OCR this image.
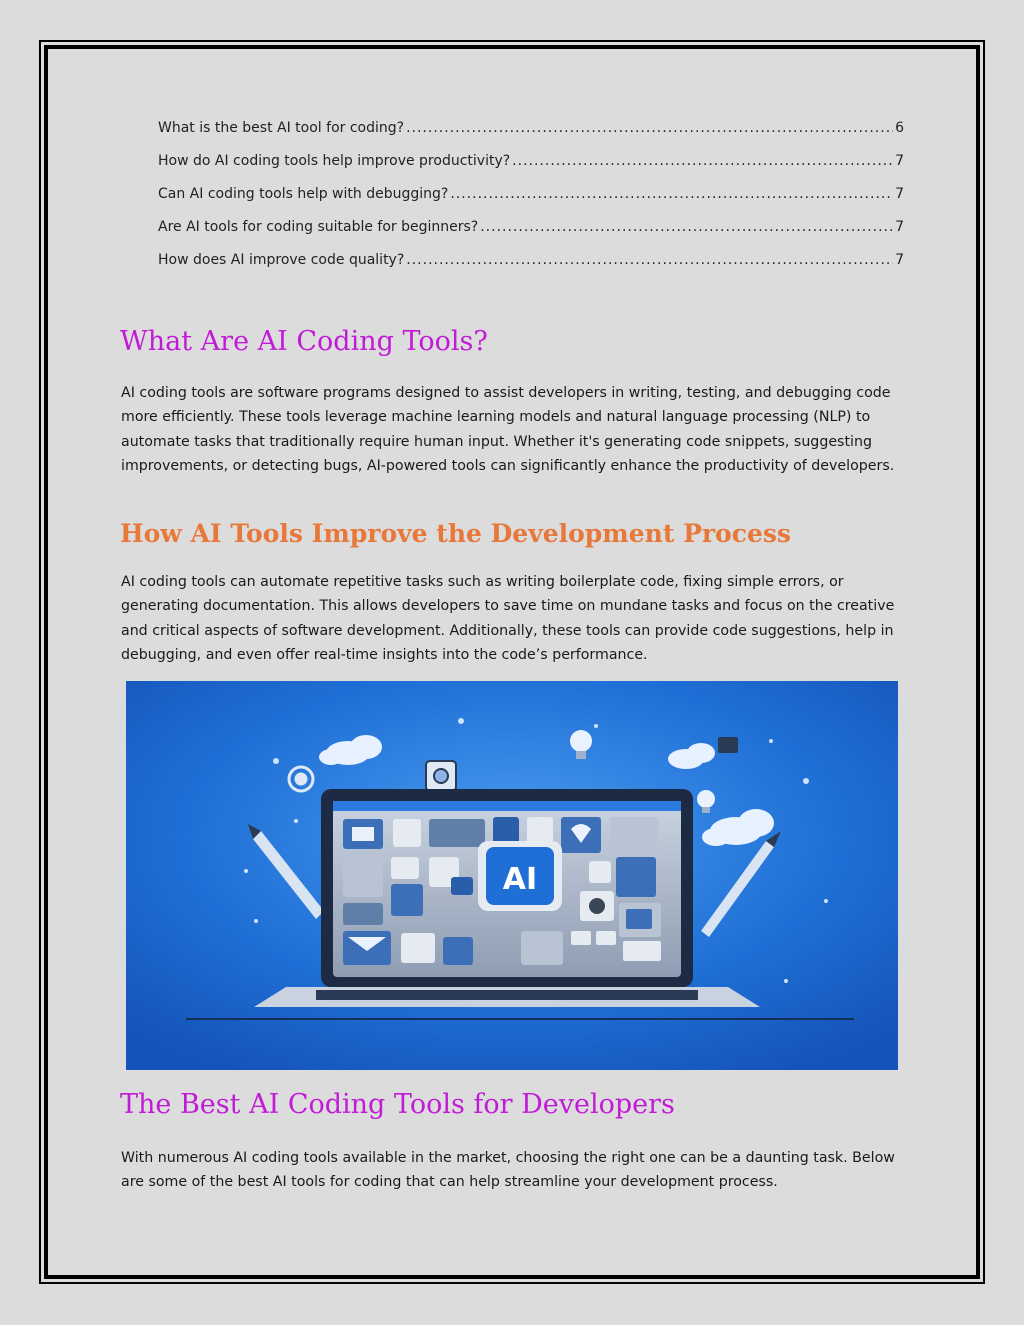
What is the best AI tool for coding? .....	6
How do AI coding tools help improve productivity? .....	7
Can AI coding tools help with debugging? .....	7
Are AI tools for coding suitable for beginners? .....	7
How does AI improve code quality? .....	7
What Are AI Coding Tools?

AI coding tools are software programs designed to assist developers in writing, testing, and debugging code more efficiently. These tools leverage machine learning models and natural language processing (NLP) to automate tasks that traditionally require human input. Whether it's generating code snippets, suggesting improvements, or detecting bugs, AI-powered tools can significantly enhance the productivity of developers.

How AI Tools Improve the Development Process

AI coding tools can automate repetitive tasks such as writing boilerplate code, fixing simple errors, or generating documentation. This allows developers to save time on mundane tasks and focus on the creative and critical aspects of software development. Additionally, these tools can provide code suggestions, help in debugging, and even offer real-time insights into the code’s performance.

AI
The Best AI Coding Tools for Developers

With numerous AI coding tools available in the market, choosing the right one can be a daunting task. Below are some of the best AI tools for coding that can help streamline your development process.
